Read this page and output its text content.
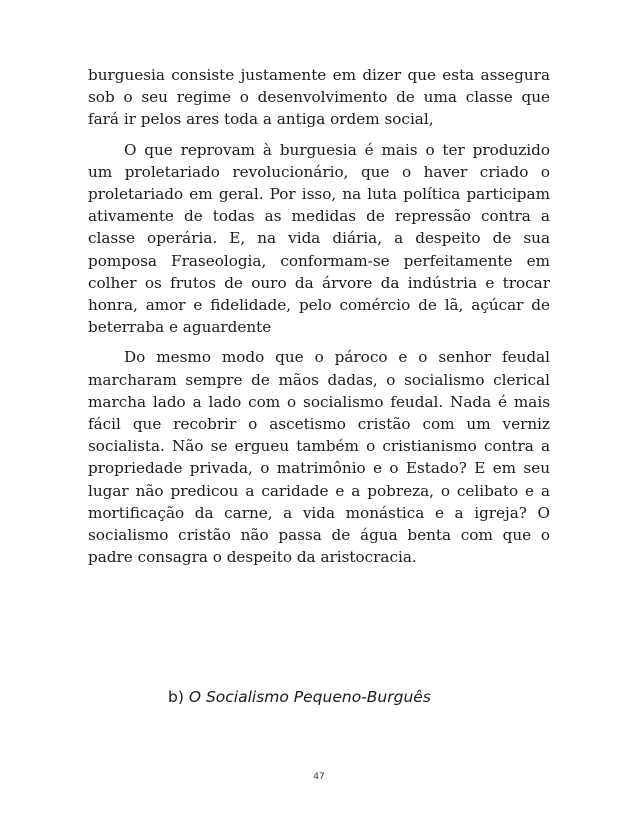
burguesia consiste justamente em dizer que esta assegura sob o seu regime o desenvolvimento de uma classe que fará ir pelos ares toda a antiga ordem social,

O que reprovam à burguesia é mais o ter produzido um proletariado revolucionário, que o haver criado o proletariado em geral. Por isso, na luta política participam ativamente de todas as medidas de repressão contra a classe operária. E, na vida diária, a despeito de sua pomposa Fraseologia, conformam-se perfeitamente em colher os frutos de ouro da árvore da indústria e trocar honra, amor e fidelidade, pelo comércio de lã, açúcar de beterraba e aguardente

Do mesmo modo que o pároco e o senhor feudal marcharam sempre de mãos dadas, o socialismo clerical marcha lado a lado com o socialismo feudal. Nada é mais fácil que recobrir o ascetismo cristão com um verniz socialista. Não se ergueu também o cristianismo contra a propriedade privada, o matrimônio e o Estado? E em seu lugar não predicou a caridade e a pobreza, o celibato e a mortificação da carne, a vida monástica e a igreja? O socialismo cristão não passa de água benta com que o padre consagra o despeito da aristocracia.

b) O Socialismo Pequeno-Burguês
47
